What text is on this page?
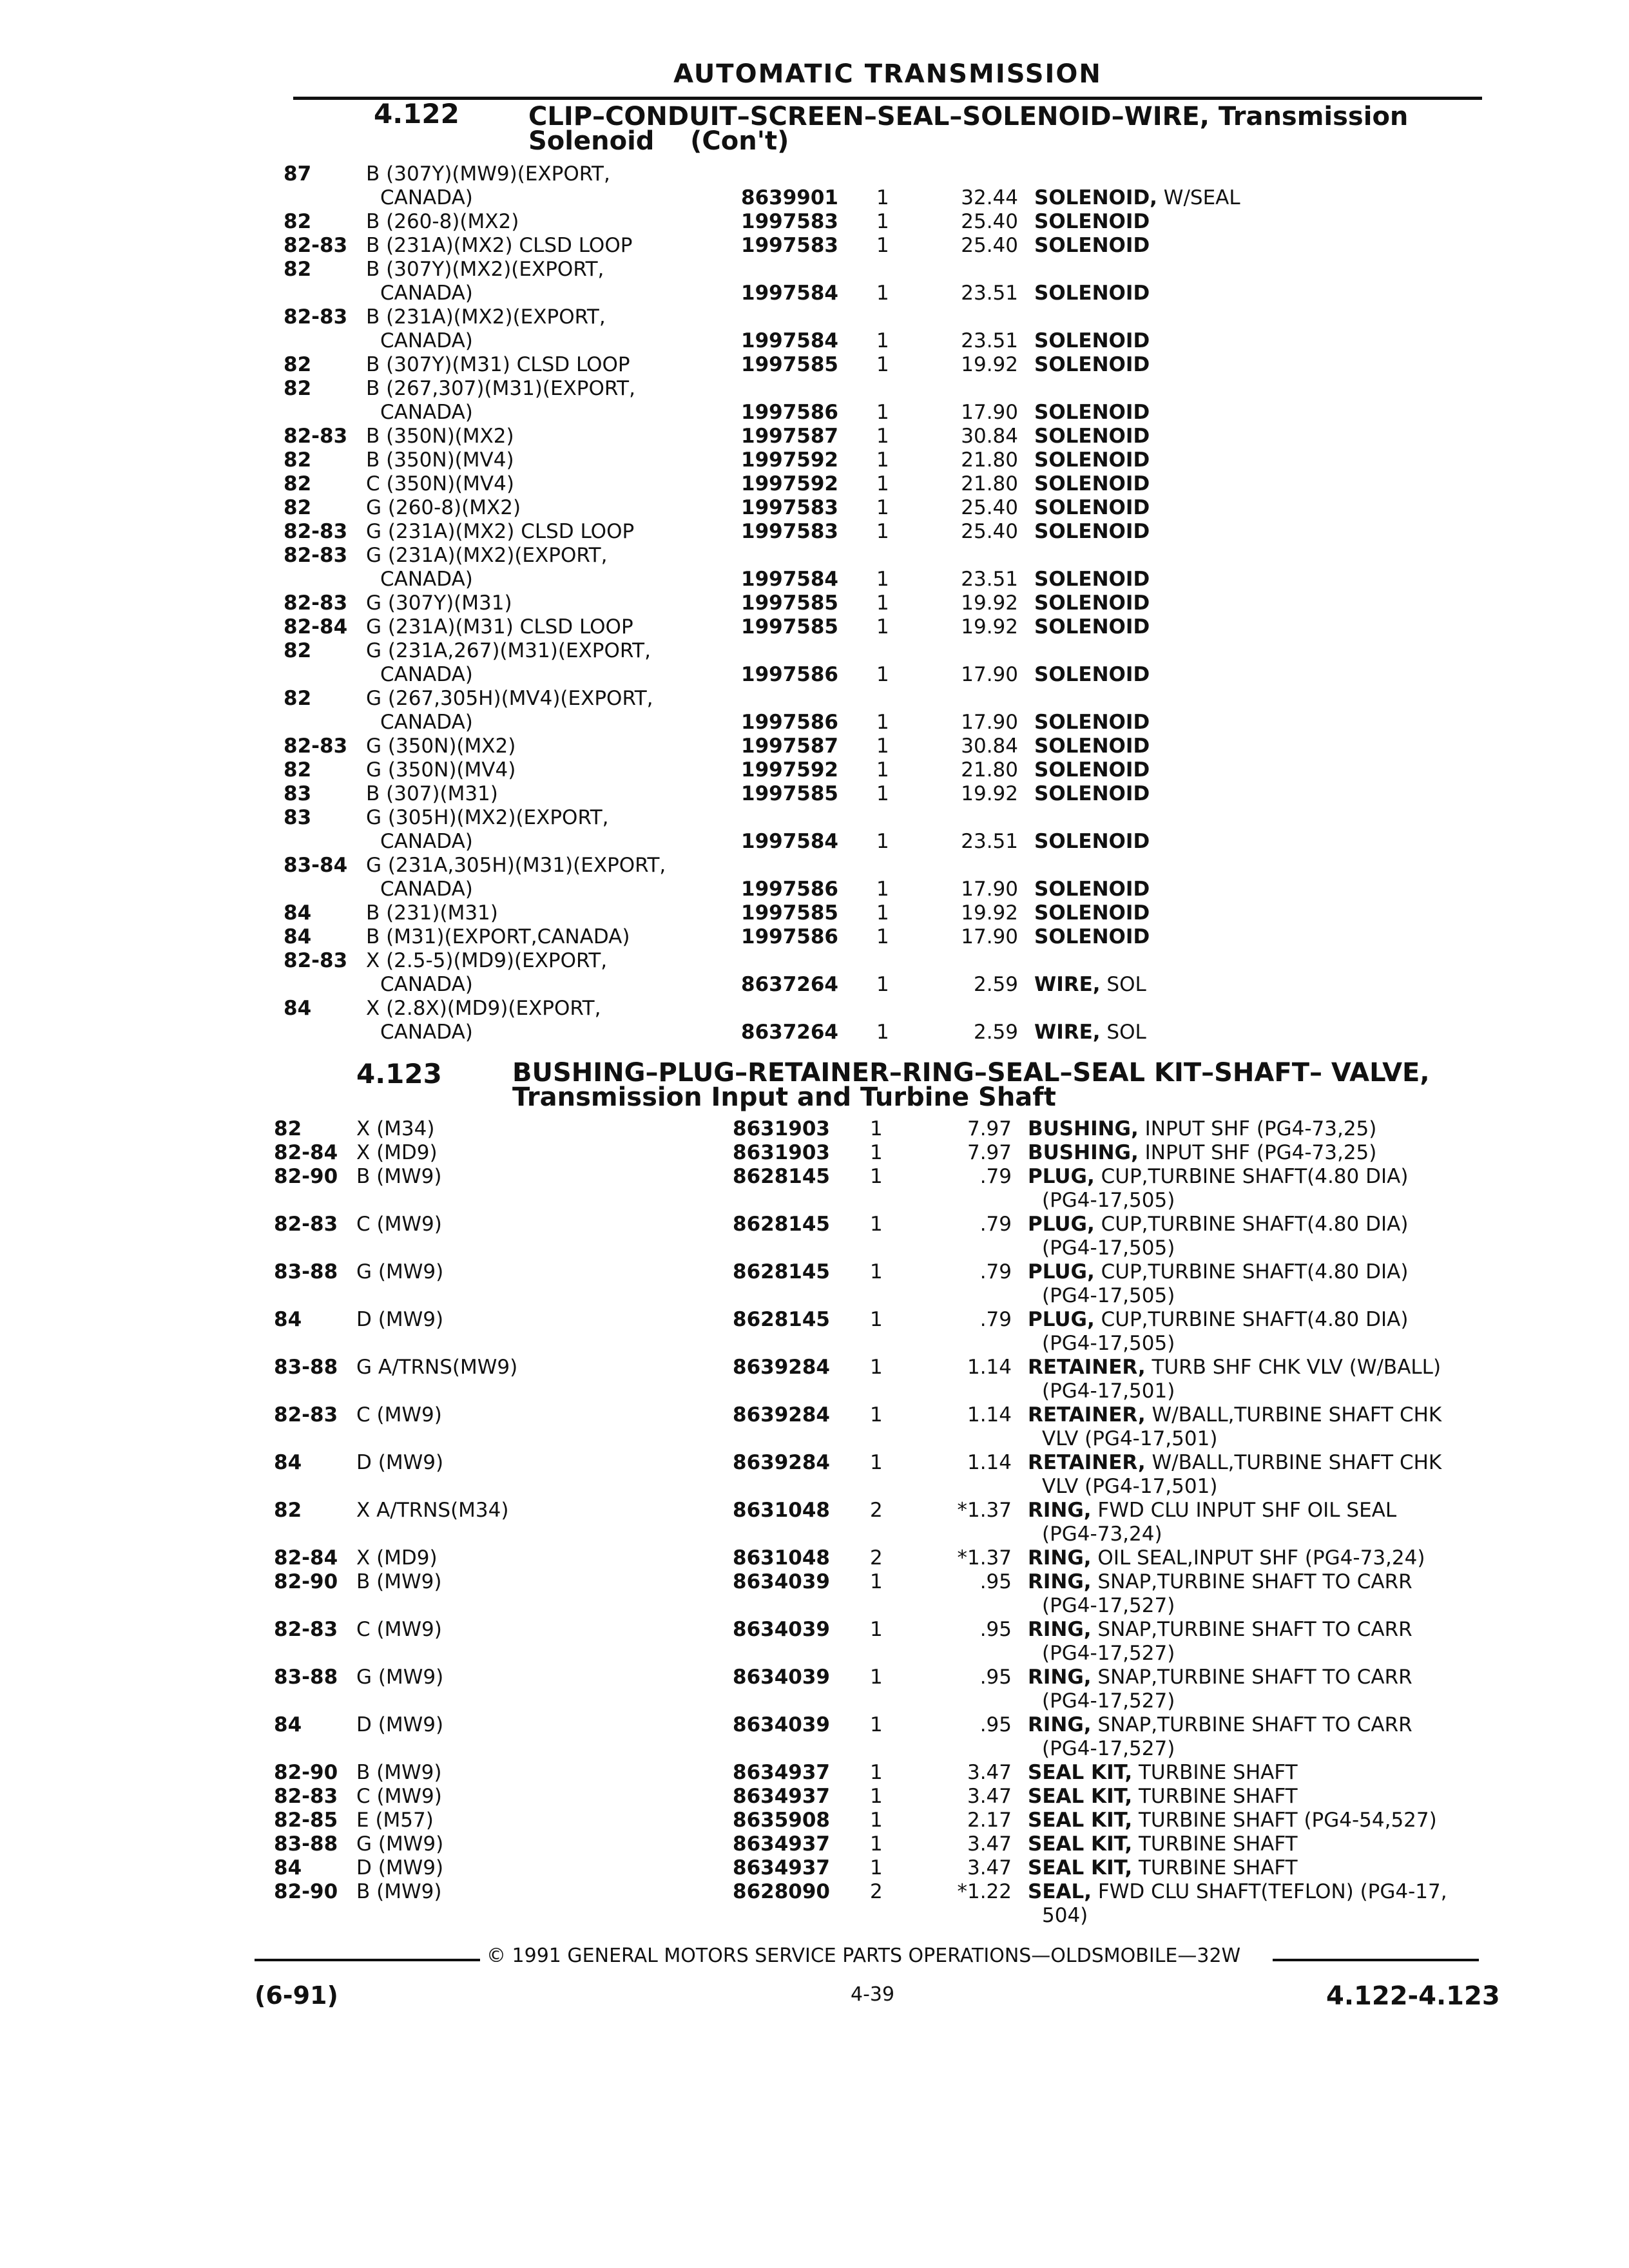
AUTOMATIC TRANSMISSION
4.122	CLIP–CONDUIT–SCREEN–SEAL–SOLENOID–WIRE, Transmission
Solenoid (Con't)
87	B (307Y)(MW9)(EXPORT,
CANADA)	8639901 1	32.44 SOLENOID, W/SEAL
82	B (260-8)(MX2)	1997583 1	25.40 SOLENOID
82-83 B (231A)(MX2) CLSD LOOP	1997583 1	25.40 SOLENOID
82	B (307Y)(MX2)(EXPORT,
CANADA)	1997584 1	23.51 SOLENOID
82-83 B (231A)(MX2)(EXPORT,
CANADA)	1997584 1	23.51 SOLENOID
82	B (307Y)(M31) CLSD LOOP	1997585 1	19.92 SOLENOID
82	B (267,307)(M31)(EXPORT,
CANADA)	1997586 1	17.90 SOLENOID
82-83 B (350N)(MX2)	1997587 1	30.84 SOLENOID
82	B (350N)(MV4)	1997592 1	21.80 SOLENOID
82	C (350N)(MV4)	1997592 1	21.80 SOLENOID
82	G (260-8)(MX2)	1997583 1	25.40 SOLENOID
82-83 G (231A)(MX2) CLSD LOOP	1997583 1	25.40 SOLENOID
82-83 G (231A)(MX2)(EXPORT,
CANADA)	1997584 1	23.51 SOLENOID
82-83 G (307Y)(M31)	1997585 1	19.92 SOLENOID
82-84 G (231A)(M31) CLSD LOOP	1997585 1	19.92 SOLENOID
82	G (231A,267)(M31)(EXPORT,
CANADA)	1997586 1	17.90 SOLENOID
82	G (267,305H)(MV4)(EXPORT,
CANADA)	1997586 1	17.90 SOLENOID
82-83 G (350N)(MX2)	1997587 1	30.84 SOLENOID
82	G (350N)(MV4)	1997592 1	21.80 SOLENOID
83	B (307)(M31)	1997585 1	19.92 SOLENOID
83	G (305H)(MX2)(EXPORT,
CANADA)	1997584 1	23.51 SOLENOID
83-84 G (231A,305H)(M31)(EXPORT,
CANADA)	1997586 1	17.90 SOLENOID
84	B (231)(M31)	1997585 1	19.92 SOLENOID
84	B (M31)(EXPORT,CANADA)	1997586 1	17.90 SOLENOID
82-83 X (2.5-5)(MD9)(EXPORT,
CANADA)	8637264 1	2.59 WIRE, SOL
84	X (2.8X)(MD9)(EXPORT,
CANADA)	8637264 1	2.59 WIRE, SOL
4.123	BUSHING–PLUG–RETAINER–RING–SEAL–SEAL KIT–SHAFT– VALVE,
Transmission Input and Turbine Shaft
82	X (M34)	8631903 1	7.97 BUSHING, INPUT SHF (PG4-73,25)
82-84 X (MD9)	8631903 1	7.97 BUSHING, INPUT SHF (PG4-73,25)
82-90 B (MW9)	8628145 1	.79 PLUG, CUP,TURBINE SHAFT(4.80 DIA)
(PG4-17,505)
82-83 C (MW9)	8628145 1	.79 PLUG, CUP,TURBINE SHAFT(4.80 DIA)
(PG4-17,505)
83-88 G (MW9)	8628145 1	.79 PLUG, CUP,TURBINE SHAFT(4.80 DIA)
(PG4-17,505)
84	D (MW9)	8628145 1	.79 PLUG, CUP,TURBINE SHAFT(4.80 DIA)
(PG4-17,505)
83-88 G A/TRNS(MW9)	8639284 1	1.14 RETAINER, TURB SHF CHK VLV (W/BALL)
(PG4-17,501)
82-83 C (MW9)	8639284 1	1.14 RETAINER, W/BALL,TURBINE SHAFT CHK
VLV (PG4-17,501)
84	D (MW9)	8639284 1	1.14 RETAINER, W/BALL,TURBINE SHAFT CHK
VLV (PG4-17,501)
82	X A/TRNS(M34)	8631048 2	*1.37 RING, FWD CLU INPUT SHF OIL SEAL
(PG4-73,24)
82-84 X (MD9)	8631048 2	*1.37 RING, OIL SEAL,INPUT SHF (PG4-73,24)
82-90 B (MW9)	8634039 1	.95 RING, SNAP,TURBINE SHAFT TO CARR
(PG4-17,527)
82-83 C (MW9)	8634039 1	.95 RING, SNAP,TURBINE SHAFT TO CARR
(PG4-17,527)
83-88 G (MW9)	8634039 1	.95 RING, SNAP,TURBINE SHAFT TO CARR
(PG4-17,527)
84	D (MW9)	8634039 1	.95 RING, SNAP,TURBINE SHAFT TO CARR
(PG4-17,527)
82-90 B (MW9)	8634937 1	3.47 SEAL KIT, TURBINE SHAFT
82-83 C (MW9)	8634937 1	3.47 SEAL KIT, TURBINE SHAFT
82-85 E (M57)	8635908 1	2.17 SEAL KIT, TURBINE SHAFT (PG4-54,527)
83-88 G (MW9)	8634937 1	3.47 SEAL KIT, TURBINE SHAFT
84	D (MW9)	8634937 1	3.47 SEAL KIT, TURBINE SHAFT
82-90 B (MW9)	8628090 2	*1.22 SEAL, FWD CLU SHAFT(TEFLON) (PG4-17,
504)
© 1991 GENERAL MOTORS SERVICE PARTS OPERATIONS—OLDSMOBILE—32W
(6-91)	4-39	4.122-4.123
